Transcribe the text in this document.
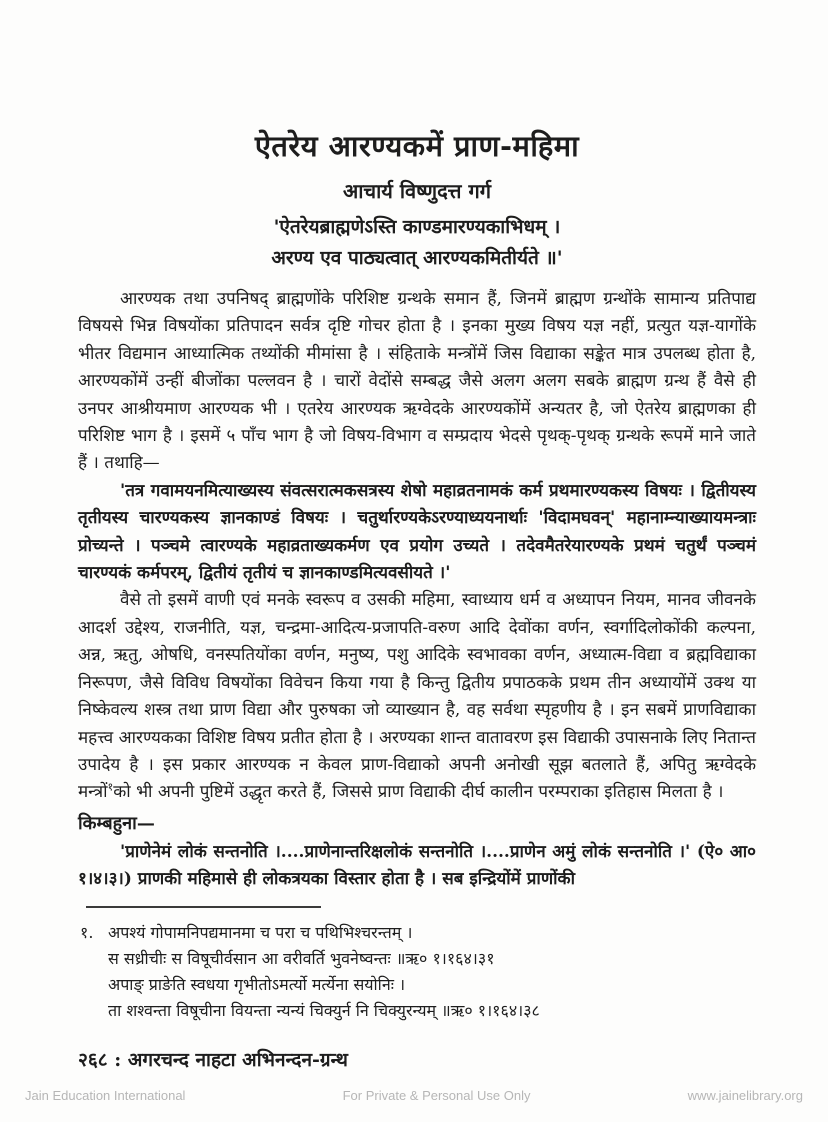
ऐतरेय आरण्यकमें प्राण-महिमा
आचार्य विष्णुदत्त गर्ग
'ऐतरेयब्राह्मणेऽस्ति काण्डमारण्यकाभिधम् ।
अरण्य एव पाठ्यत्वात् आरण्यकमितीर्यते ॥'

आरण्यक तथा उपनिषद् ब्राह्मणोंके परिशिष्ट ग्रन्थके समान हैं, जिनमें ब्राह्मण ग्रन्थोंके सामान्य प्रतिपाद्य विषयसे भिन्न विषयोंका प्रतिपादन सर्वत्र दृष्टि गोचर होता है । इनका मुख्य विषय यज्ञ नहीं, प्रत्युत यज्ञ-यागोंके भीतर विद्यमान आध्यात्मिक तथ्योंकी मीमांसा है । संहिताके मन्त्रोंमें जिस विद्याका सङ्केत मात्र उपलब्ध होता है, आरण्यकोंमें उन्हीं बीजोंका पल्लवन है । चारों वेदोंसे सम्बद्ध जैसे अलग अलग सबके ब्राह्मण ग्रन्थ हैं वैसे ही उनपर आश्रीयमाण आरण्यक भी । एतरेय आरण्यक ऋग्वेदके आरण्यकोंमें अन्यतर है, जो ऐतरेय ब्राह्मणका ही परिशिष्ट भाग है । इसमें ५ पाँच भाग है जो विषय-विभाग व सम्प्रदाय भेदसे पृथक्-पृथक् ग्रन्थके रूपमें माने जाते हैं । तथाहि—

'तत्र गवामयनमित्याख्यस्य संवत्सरात्मकसत्रस्य शेषो महाव्रतनामकं कर्म प्रथमारण्यकस्य विषयः । द्वितीयस्य तृतीयस्य चारण्यकस्य ज्ञानकाण्डं विषयः । चतुर्थारण्यकेऽरण्याध्ययनार्थाः 'विदामघवन्' महानाम्न्याख्यायमन्त्राः प्रोच्यन्ते । पञ्चमे त्वारण्यके महाव्रताख्यकर्मण एव प्रयोग उच्यते । तदेवमैतरेयारण्यके प्रथमं चतुर्थं पञ्चमं चारण्यकं कर्मपरम्, द्वितीयं तृतीयं च ज्ञानकाण्डमित्यवसीयते ।'

वैसे तो इसमें वाणी एवं मनके स्वरूप व उसकी महिमा, स्वाध्याय धर्म व अध्यापन नियम, मानव जीवनके आदर्श उद्देश्य, राजनीति, यज्ञ, चन्द्रमा-आदित्य-प्रजापति-वरुण आदि देवोंका वर्णन, स्वर्गादिलोकोंकी कल्पना, अन्न, ऋतु, ओषधि, वनस्पतियोंका वर्णन, मनुष्य, पशु आदिके स्वभावका वर्णन, अध्यात्म-विद्या व ब्रह्मविद्याका निरूपण, जैसे विविध विषयोंका विवेचन किया गया है किन्तु द्वितीय प्रपाठकके प्रथम तीन अध्यायोंमें उक्थ या निष्केवल्य शस्त्र तथा प्राण विद्या और पुरुषका जो व्याख्यान है, वह सर्वथा स्पृहणीय है । इन सबमें प्राणविद्याका महत्त्व आरण्यकका विशिष्ट विषय प्रतीत होता है । अरण्यका शान्त वातावरण इस विद्याकी उपासनाके लिए नितान्त उपादेय है । इस प्रकार आरण्यक न केवल प्राण-विद्याको अपनी अनोखी सूझ बतलाते हैं, अपितु ऋग्वेदके मन्त्रों$^१$को भी अपनी पुष्टिमें उद्धृत करते हैं, जिससे प्राण विद्याकी दीर्घ कालीन परम्पराका इतिहास मिलता है ।

किम्बहुना—

'प्राणेनेमं लोकं सन्तनोति ।....प्राणेनान्तरिक्षलोकं सन्तनोति ।....प्राणेन अमुं लोकं सन्तनोति ।' (ऐ० आ० १।४।३।) प्राणकी महिमासे ही लोकत्रयका विस्तार होता है । सब इन्द्रियोंमें प्राणोंकी

१. अपश्यं गोपामनिपद्यमानमा च परा च पथिभिश्चरन्तम् ।
स सध्रीचीः स विषूचीर्वसान आ वरीवर्ति भुवनेष्वन्तः ॥ऋ० १।१६४।३१
अपाङ् प्राङेति स्वधया गृभीतोऽमर्त्यो मर्त्येना सयोनिः ।
ता शश्वन्ता विषूचीना वियन्ता न्यन्यं चिक्युर्न नि चिक्युरन्यम् ॥ऋ० १।१६४।३८
२६८ : अगरचन्द नाहटा अभिनन्दन-ग्रन्थ
Jain Education International	For Private & Personal Use Only	www.jainelibrary.org
